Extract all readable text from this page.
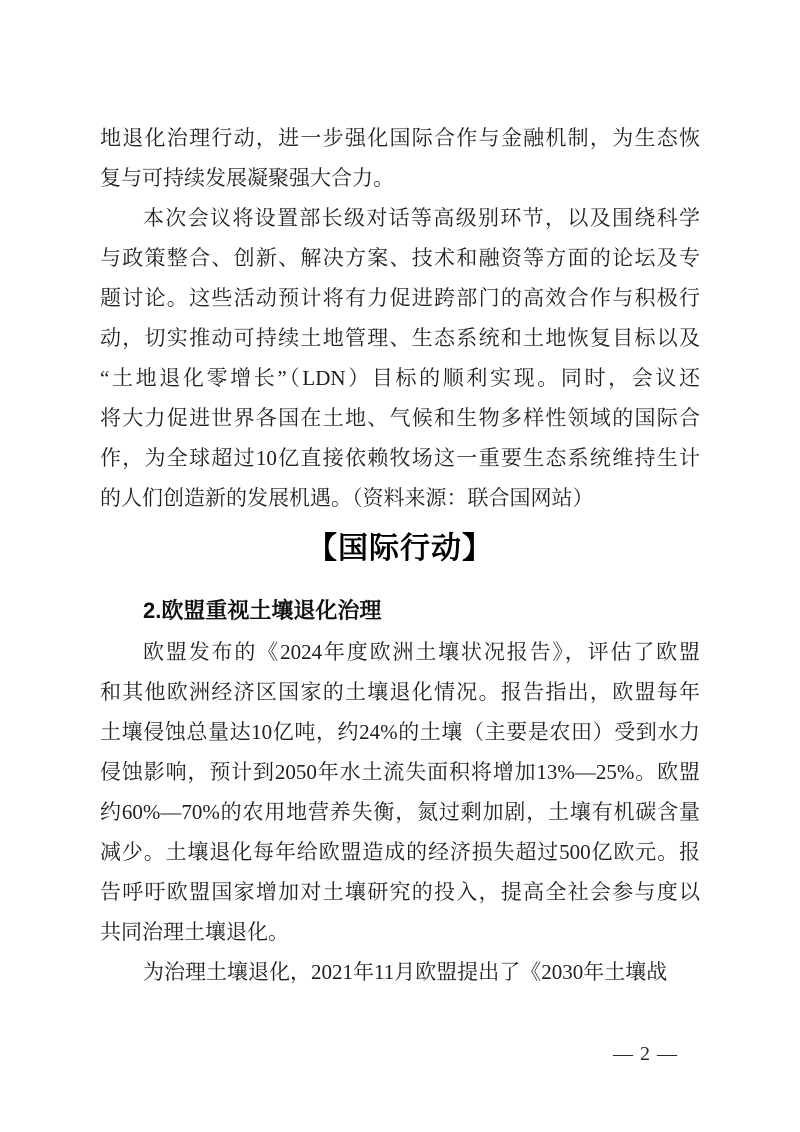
地退化治理行动，进一步强化国际合作与金融机制，为生态恢
复与可持续发展凝聚强大合力。
本次会议将设置部长级对话等高级别环节，以及围绕科学
与政策整合、创新、解决方案、技术和融资等方面的论坛及专
题讨论。这些活动预计将有力促进跨部门的高效合作与积极行
动，切实推动可持续土地管理、生态系统和土地恢复目标以及
“土地退化零增长”（LDN）目标的顺利实现。同时，会议还
将大力促进世界各国在土地、气候和生物多样性领域的国际合
作，为全球超过10亿直接依赖牧场这一重要生态系统维持生计
的人们创造新的发展机遇。（资料来源：联合国网站）
【国际行动】
2.欧盟重视土壤退化治理
欧盟发布的《2024年度欧洲土壤状况报告》，评估了欧盟
和其他欧洲经济区国家的土壤退化情况。报告指出，欧盟每年
土壤侵蚀总量达10亿吨，约24%的土壤（主要是农田）受到水力
侵蚀影响，预计到2050年水土流失面积将增加13%—25%。欧盟
约60%—70%的农用地营养失衡，氮过剩加剧，土壤有机碳含量
减少。土壤退化每年给欧盟造成的经济损失超过500亿欧元。报
告呼吁欧盟国家增加对土壤研究的投入，提高全社会参与度以
共同治理土壤退化。
为治理土壤退化，2021年11月欧盟提出了《2030年土壤战
— 2 —
